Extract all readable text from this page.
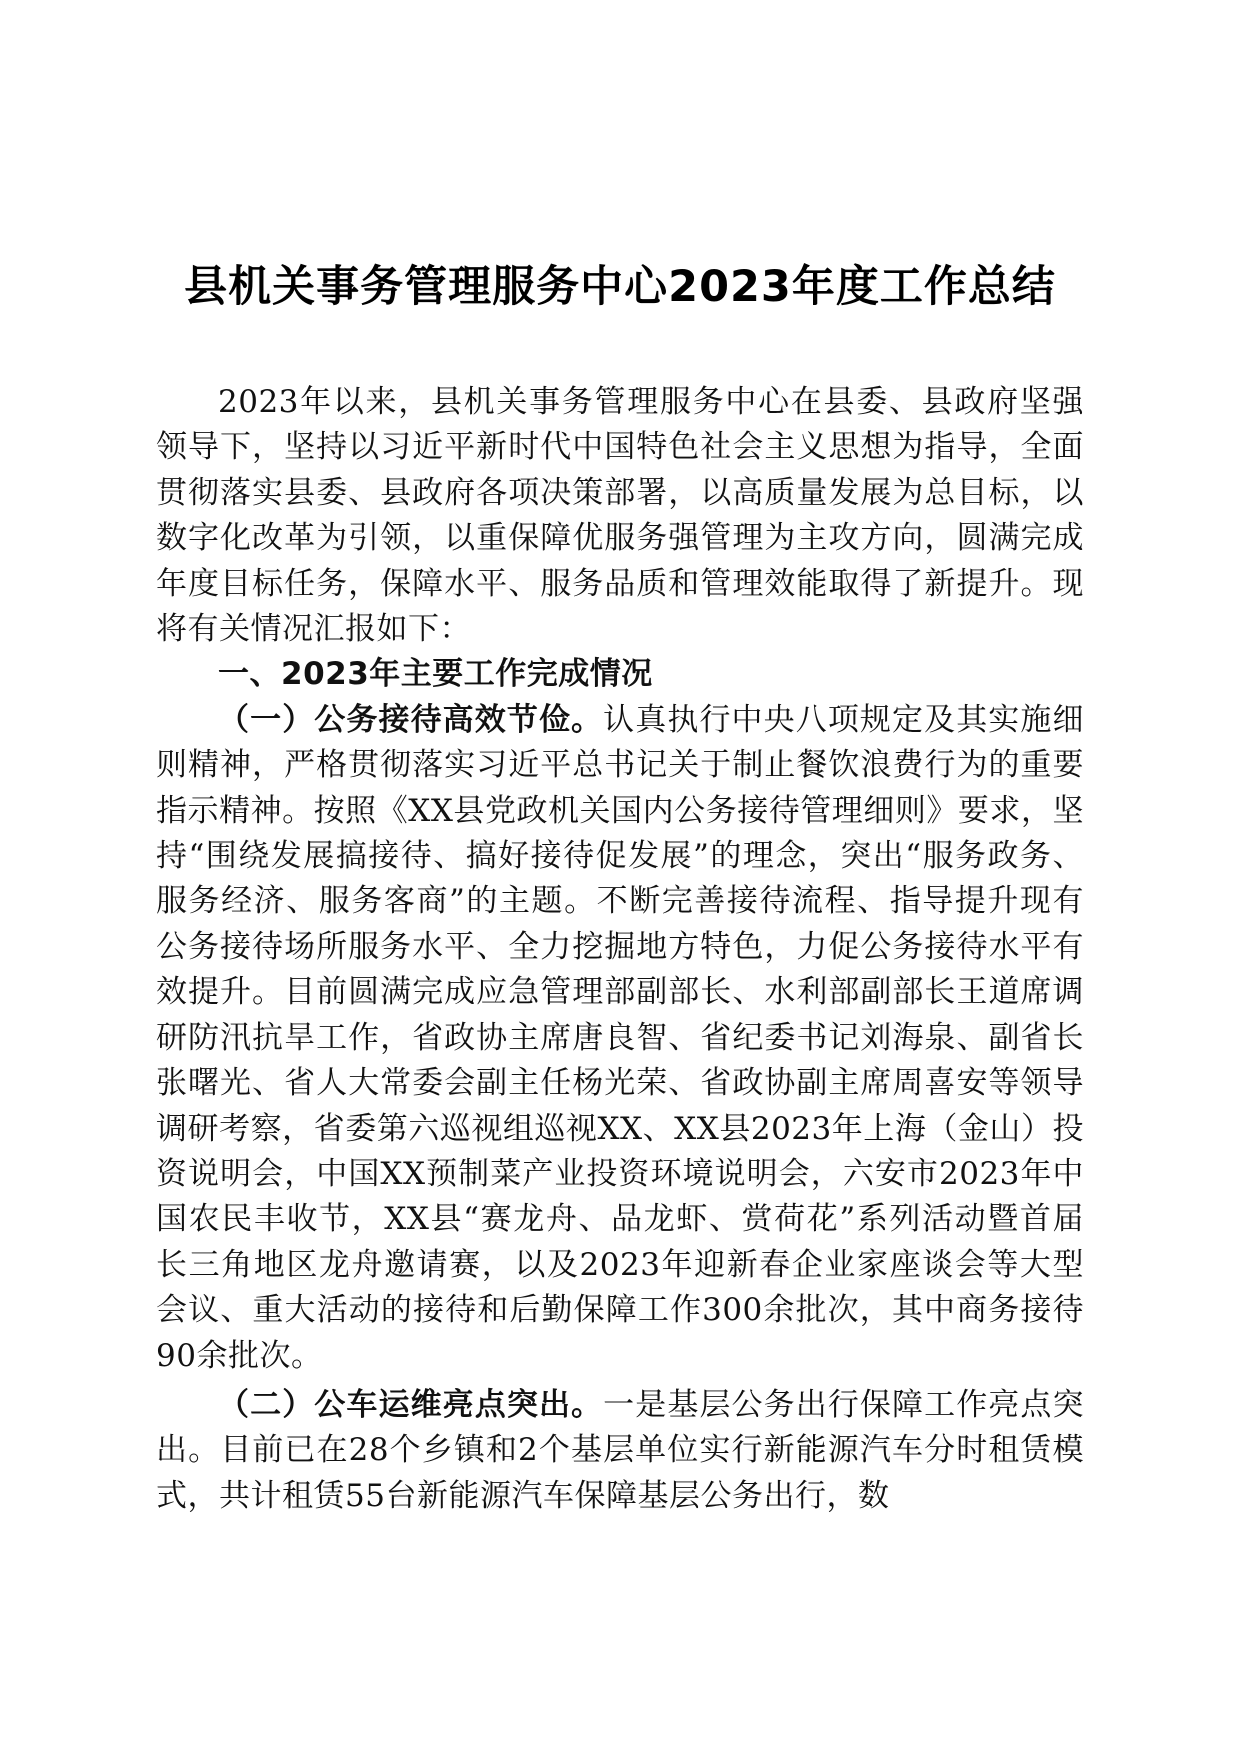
县机关事务管理服务中心2023年度工作总结

2023年以来，县机关事务管理服务中心在县委、县政府坚强领导下，坚持以习近平新时代中国特色社会主义思想为指导，全面贯彻落实县委、县政府各项决策部署，以高质量发展为总目标，以数字化改革为引领，以重保障优服务强管理为主攻方向，圆满完成年度目标任务，保障水平、服务品质和管理效能取得了新提升。现将有关情况汇报如下：

一、2023年主要工作完成情况

（一）公务接待高效节俭。认真执行中央八项规定及其实施细则精神，严格贯彻落实习近平总书记关于制止餐饮浪费行为的重要指示精神。按照《XX县党政机关国内公务接待管理细则》要求，坚持“围绕发展搞接待、搞好接待促发展”的理念，突出“服务政务、服务经济、服务客商”的主题。不断完善接待流程、指导提升现有公务接待场所服务水平、全力挖掘地方特色，力促公务接待水平有效提升。目前圆满完成应急管理部副部长、水利部副部长王道席调研防汛抗旱工作，省政协主席唐良智、省纪委书记刘海泉、副省长张曙光、省人大常委会副主任杨光荣、省政协副主席周喜安等领导调研考察，省委第六巡视组巡视XX、XX县2023年上海（金山）投资说明会，中国XX预制菜产业投资环境说明会，六安市2023年中国农民丰收节，XX县“赛龙舟、品龙虾、赏荷花”系列活动暨首届长三角地区龙舟邀请赛，以及2023年迎新春企业家座谈会等大型会议、重大活动的接待和后勤保障工作300余批次，其中商务接待90余批次。

（二）公车运维亮点突出。一是基层公务出行保障工作亮点突出。目前已在28个乡镇和2个基层单位实行新能源汽车分时租赁模式，共计租赁55台新能源汽车保障基层公务出行，数
